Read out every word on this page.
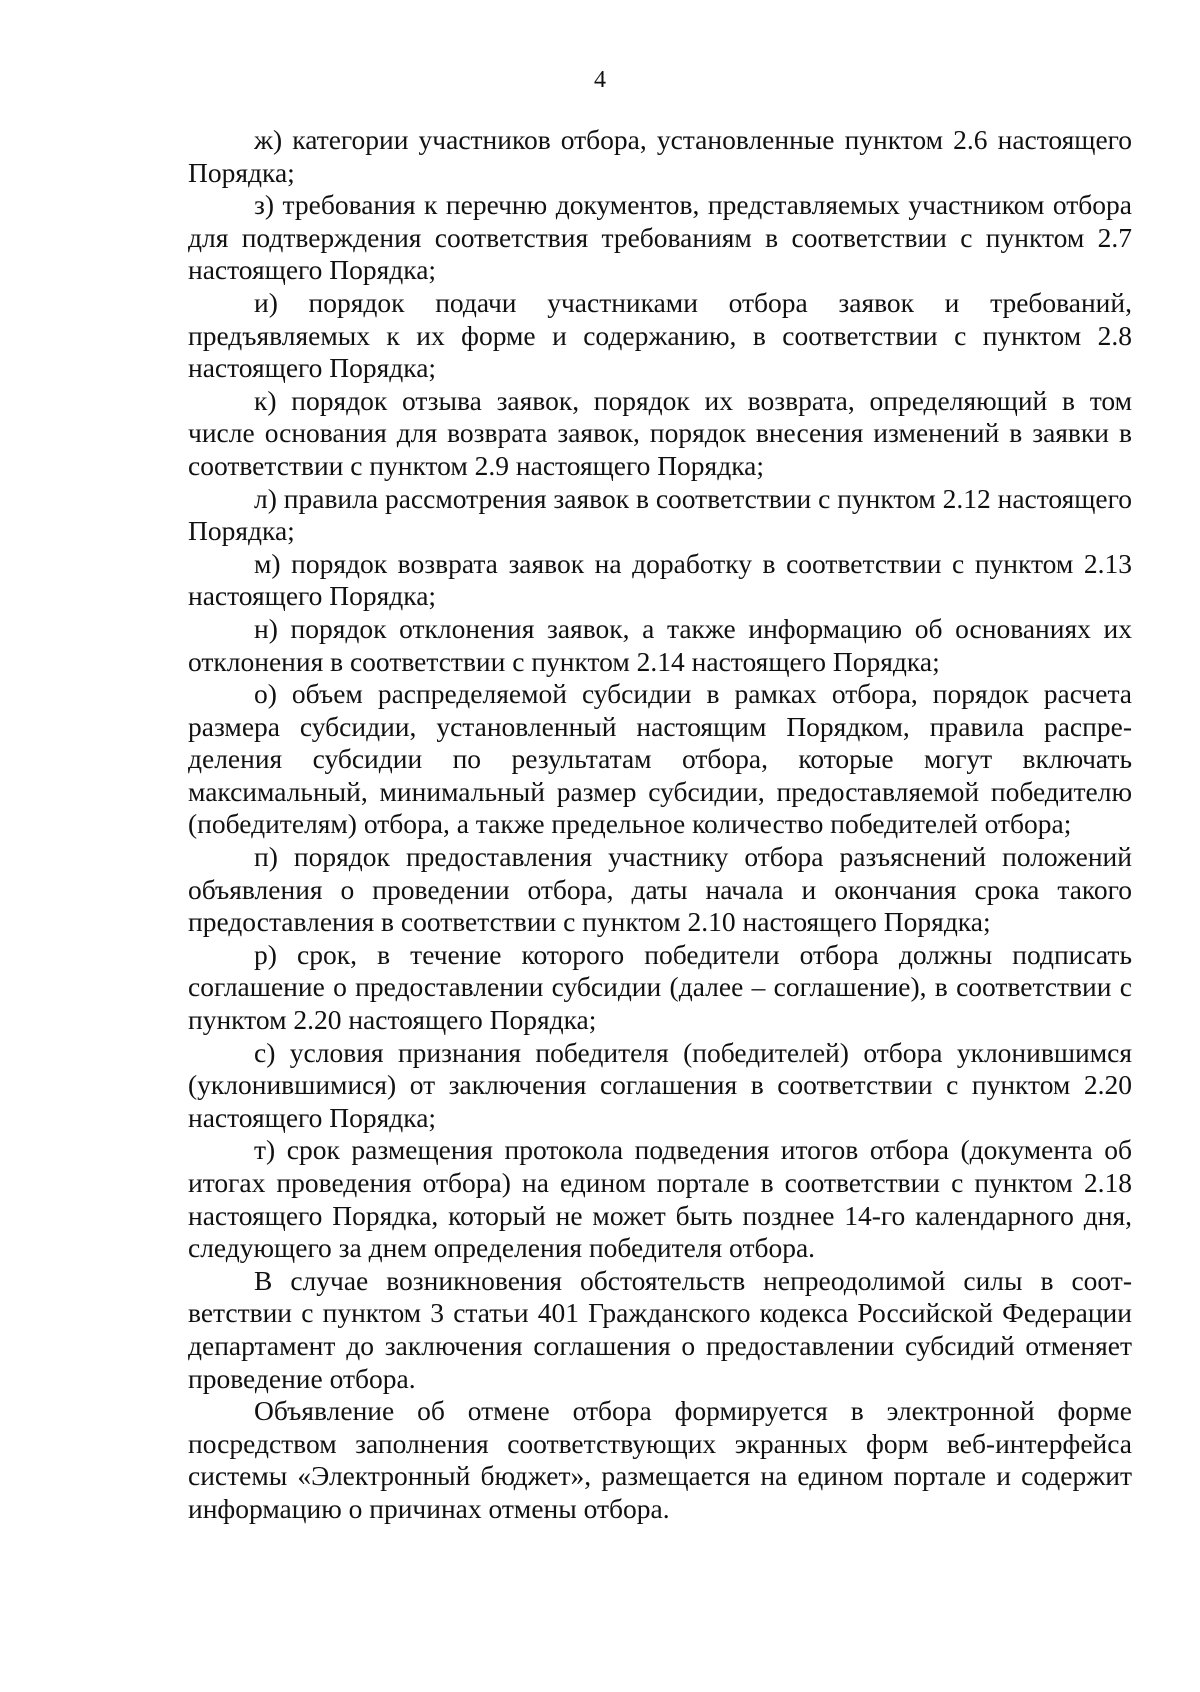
4

ж) категории участников отбора, установленные пунктом 2.6 настоящего Порядка;

з) требования к перечню документов, представляемых участником отбора для подтверждения соответствия требованиям в соответствии с пунктом 2.7 настоящего Порядка;

и) порядок подачи участниками отбора заявок и требований, предъявляемых к их форме и содержанию, в соответствии с пунктом 2.8 настоящего Порядка;

к) порядок отзыва заявок, порядок их возврата, определяющий в том числе основания для возврата заявок, порядок внесения изменений в заявки в соответствии с пунктом 2.9 настоящего Порядка;

л) правила рассмотрения заявок в соответствии с пунктом 2.12 настоящего Порядка;

м) порядок возврата заявок на доработку в соответствии с пунктом 2.13 настоящего Порядка;

н) порядок отклонения заявок, а также информацию об основаниях их отклонения в соответствии с пунктом 2.14 настоящего Порядка;

о) объем распределяемой субсидии в рамках отбора, порядок расчета размера субсидии, установленный настоящим Порядком, правила распределения субсидии по результатам отбора, которые могут включать максимальный, минимальный размер субсидии, предоставляемой победителю (победителям) отбора, а также предельное количество победителей отбора;

п) порядок предоставления участнику отбора разъяснений положений объявления о проведении отбора, даты начала и окончания срока такого предоставления в соответствии с пунктом 2.10 настоящего Порядка;

р) срок, в течение которого победители отбора должны подписать соглашение о предоставлении субсидии (далее – соглашение), в соответствии с пунктом 2.20 настоящего Порядка;

с) условия признания победителя (победителей) отбора уклонившимся (уклонившимися) от заключения соглашения в соответствии с пунктом 2.20 настоящего Порядка;

т) срок размещения протокола подведения итогов отбора (документа об итогах проведения отбора) на едином портале в соответствии с пунктом 2.18 настоящего Порядка, который не может быть позднее 14-го календарного дня, следующего за днем определения победителя отбора.

В случае возникновения обстоятельств непреодолимой силы в соответствии с пунктом 3 статьи 401 Гражданского кодекса Российской Федерации департамент до заключения соглашения о предоставлении субсидий отменяет проведение отбора.

Объявление об отмене отбора формируется в электронной форме посредством заполнения соответствующих экранных форм веб-интерфейса системы «Электронный бюджет», размещается на едином портале и содержит информацию о причинах отмены отбора.
